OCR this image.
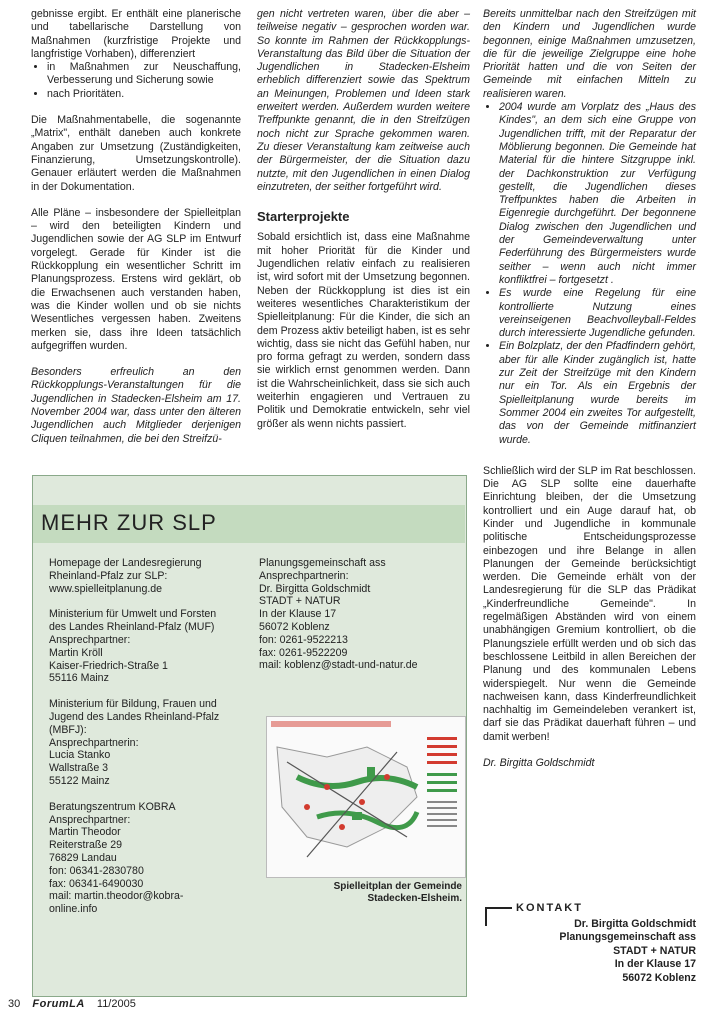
gebnisse ergibt. Er enthält eine planerische und tabellarische Darstellung von Maßnahmen (kurzfristige Projekte und langfristige Vorhaben), differenziert

• in Maßnahmen zur Neuschaffung, Verbesserung und Sicherung sowie
• nach Prioritäten.

Die Maßnahmentabelle, die sogenannte „Matrix", enthält daneben auch konkrete Angaben zur Umsetzung (Zuständigkeiten, Finanzierung, Umsetzungskontrolle). Genauer erläutert werden die Maßnahmen in der Dokumentation.

Alle Pläne – insbesondere der Spielleitplan – wird den beteiligten Kindern und Jugendlichen sowie der AG SLP im Entwurf vorgelegt. Gerade für Kinder ist die Rückkopplung ein wesentlicher Schritt im Planungsprozess. Erstens wird geklärt, ob die Erwachsenen auch verstanden haben, was die Kinder wollen und ob sie nichts Wesentliches vergessen haben. Zweitens merken sie, dass ihre Ideen tatsächlich aufgegriffen wurden.

Besonders erfreulich an den Rückkopplungs-Veranstaltungen für die Jugendlichen in Stadecken-Elsheim am 17. November 2004 war, dass unter den älteren Jugendlichen auch Mitglieder derjenigen Cliquen teilnahmen, die bei den Streifzü-

gen nicht vertreten waren, über die aber – teilweise negativ – gesprochen worden war. So konnte im Rahmen der Rückkopplungs-Veranstaltung das Bild über die Situation der Jugendlichen in Stadecken-Elsheim erheblich differenziert sowie das Spektrum an Meinungen, Problemen und Ideen stark erweitert werden. Außerdem wurden weitere Treffpunkte genannt, die in den Streifzügen noch nicht zur Sprache gekommen waren. Zu dieser Veranstaltung kam zeitweise auch der Bürgermeister, der die Situation dazu nutzte, mit den Jugendlichen in einen Dialog einzutreten, der seither fortgeführt wird.

Starterprojekte

Sobald ersichtlich ist, dass eine Maßnahme mit hoher Priorität für die Kinder und Jugendlichen relativ einfach zu realisieren ist, wird sofort mit der Umsetzung begonnen. Neben der Rückkopplung ist dies ist ein weiteres wesentliches Charakteristikum der Spielleitplanung: Für die Kinder, die sich an dem Prozess aktiv beteiligt haben, ist es sehr wichtig, dass sie nicht das Gefühl haben, nur pro forma gefragt zu werden, sondern dass sie wirklich ernst genommen werden. Dann ist die Wahrscheinlichkeit, dass sie sich auch weiterhin engagieren und Vertrauen zu Politik und Demokratie entwickeln, sehr viel größer als wenn nichts passiert.

Bereits unmittelbar nach den Streifzügen mit den Kindern und Jugendlichen wurde begonnen, einige Maßnahmen umzusetzen, die für die jeweilige Zielgruppe eine hohe Priorität hatten und die von Seiten der Gemeinde mit einfachen Mitteln zu realisieren waren.

• 2004 wurde am Vorplatz des „Haus des Kindes", an dem sich eine Gruppe von Jugendlichen trifft, mit der Reparatur der Möblierung begonnen. Die Gemeinde hat Material für die hintere Sitzgruppe inkl. der Dachkonstruktion zur Verfügung gestellt, die Jugendlichen dieses Treffpunktes haben die Arbeiten in Eigenregie durchgeführt. Der begonnene Dialog zwischen den Jugendlichen und der Gemeindeverwaltung unter Federführung des Bürgermeisters wurde seither – wenn auch nicht immer konfliktfrei – fortgesetzt .
• Es wurde eine Regelung für eine kontrollierte Nutzung eines vereinseigenen Beachvolleyball-Feldes durch interessierte Jugendliche gefunden.
• Ein Bolzplatz, der den Pfadfindern gehört, aber für alle Kinder zugänglich ist, hatte zur Zeit der Streifzüge mit den Kindern nur ein Tor. Als ein Ergebnis der Spielleitplanung wurde bereits im Sommer 2004 ein zweites Tor aufgestellt, das von der Gemeinde mitfinanziert wurde.

Schließlich wird der SLP im Rat beschlossen. Die AG SLP sollte eine dauerhafte Einrichtung bleiben, der die Umsetzung kontrolliert und ein Auge darauf hat, ob Kinder und Jugendliche in kommunale politische Entscheidungsprozesse einbezogen und ihre Belange in allen Planungen der Gemeinde berücksichtigt werden. Die Gemeinde erhält von der Landesregierung für die SLP das Prädikat „Kinderfreundliche Gemeinde". In regelmäßigen Abständen wird von einem unabhängigen Gremium kontrolliert, ob die Planungsziele erfüllt werden und ob sich das beschlossene Leitbild in allen Bereichen der Planung und des kommunalen Lebens widerspiegelt. Nur wenn die Gemeinde nachweisen kann, dass Kinderfreundlichkeit nachhaltig im Gemeindeleben verankert ist, darf sie das Prädikat dauerhaft führen – und damit werben!

Dr. Birgitta Goldschmidt

MEHR ZUR SLP
Homepage der Landesregierung
Rheinland-Pfalz zur SLP:
www.spielleitplanung.de
Ministerium für Umwelt und Forsten
des Landes Rheinland-Pfalz (MUF)
Ansprechpartner:
Martin Kröll
Kaiser-Friedrich-Straße 1
55116 Mainz
Ministerium für Bildung, Frauen und
Jugend des Landes Rheinland-Pfalz
(MBFJ):
Ansprechpartnerin:
Lucia Stanko
Wallstraße 3
55122 Mainz
Beratungszentrum KOBRA
Ansprechpartner:
Martin Theodor
Reiterstraße 29
76829 Landau
fon: 06341-2830780
fax: 06341-6490030
mail: martin.theodor@kobra-
online.info
Planungsgemeinschaft ass
Ansprechpartnerin:
Dr. Birgitta Goldschmidt
STADT + NATUR
In der Klause 17
56072 Koblenz
fon: 0261-9522213
fax: 0261-9522209
mail: koblenz@stadt-und-natur.de
Spielleitplan der Gemeinde
Stadecken-Elsheim.
KONTAKT
Dr. Birgitta Goldschmidt
Planungsgemeinschaft ass
STADT + NATUR
In der Klause 17
56072 Koblenz
30 ForumLA 11/2005
